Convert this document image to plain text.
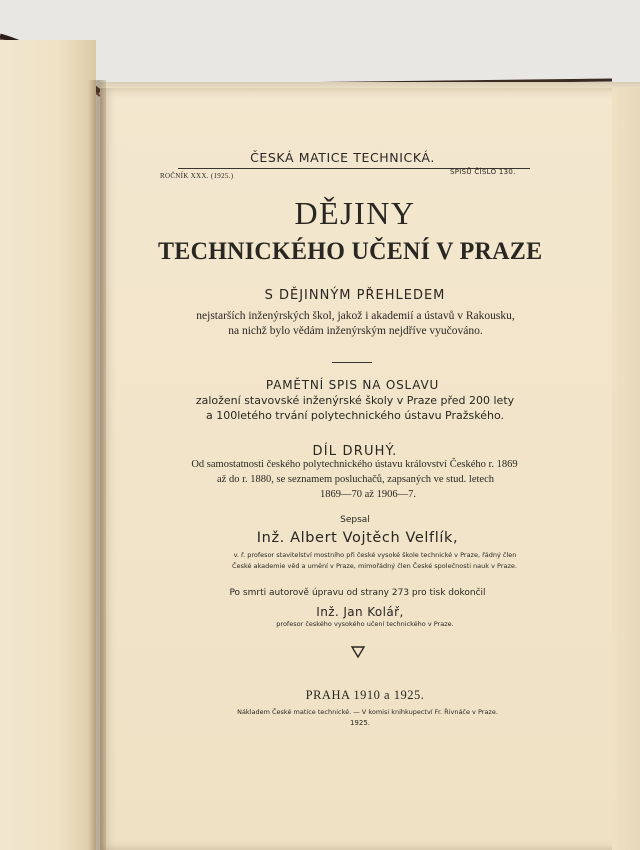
ČESKÁ MATICE TECHNICKÁ.
ROČNÍK XXX. (1925.)	SPISŮ ČÍSLO 130.
DĚJINY
TECHNICKÉHO UČENÍ V PRAZE
S DĚJINNÝM PŘEHLEDEM
nejstarších inženýrských škol, jakož i akademií a ústavů v Rakousku,
na nichž bylo vědám inženýrským nejdříve vyučováno.
PAMĚTNÍ SPIS NA OSLAVU
založení stavovské inženýrské školy v Praze před 200 lety
a 100letého trvání polytechnického ústavu Pražského.
DÍL DRUHÝ.
Od samostatnosti českého polytechnického ústavu království Českého r. 1869
až do r. 1880, se seznamem posluchačů, zapsaných ve stud. letech
1869—70 až 1906—7.
Sepsal
Inž. Albert Vojtěch Velflík,
v. ř. profesor stavitelství mostního při české vysoké škole technické v Praze, řádný člen
České akademie věd a umění v Praze, mimořádný člen České společnosti nauk v Praze.
Po smrti autorově úpravu od strany 273 pro tisk dokončil
Inž. Jan Kolář,
profesor českého vysokého učení technického v Praze.
PRAHA 1910 a 1925.
Nákladem České matice technické. — V komisi knihkupectví Fr. Řivnáče v Praze.
1925.
